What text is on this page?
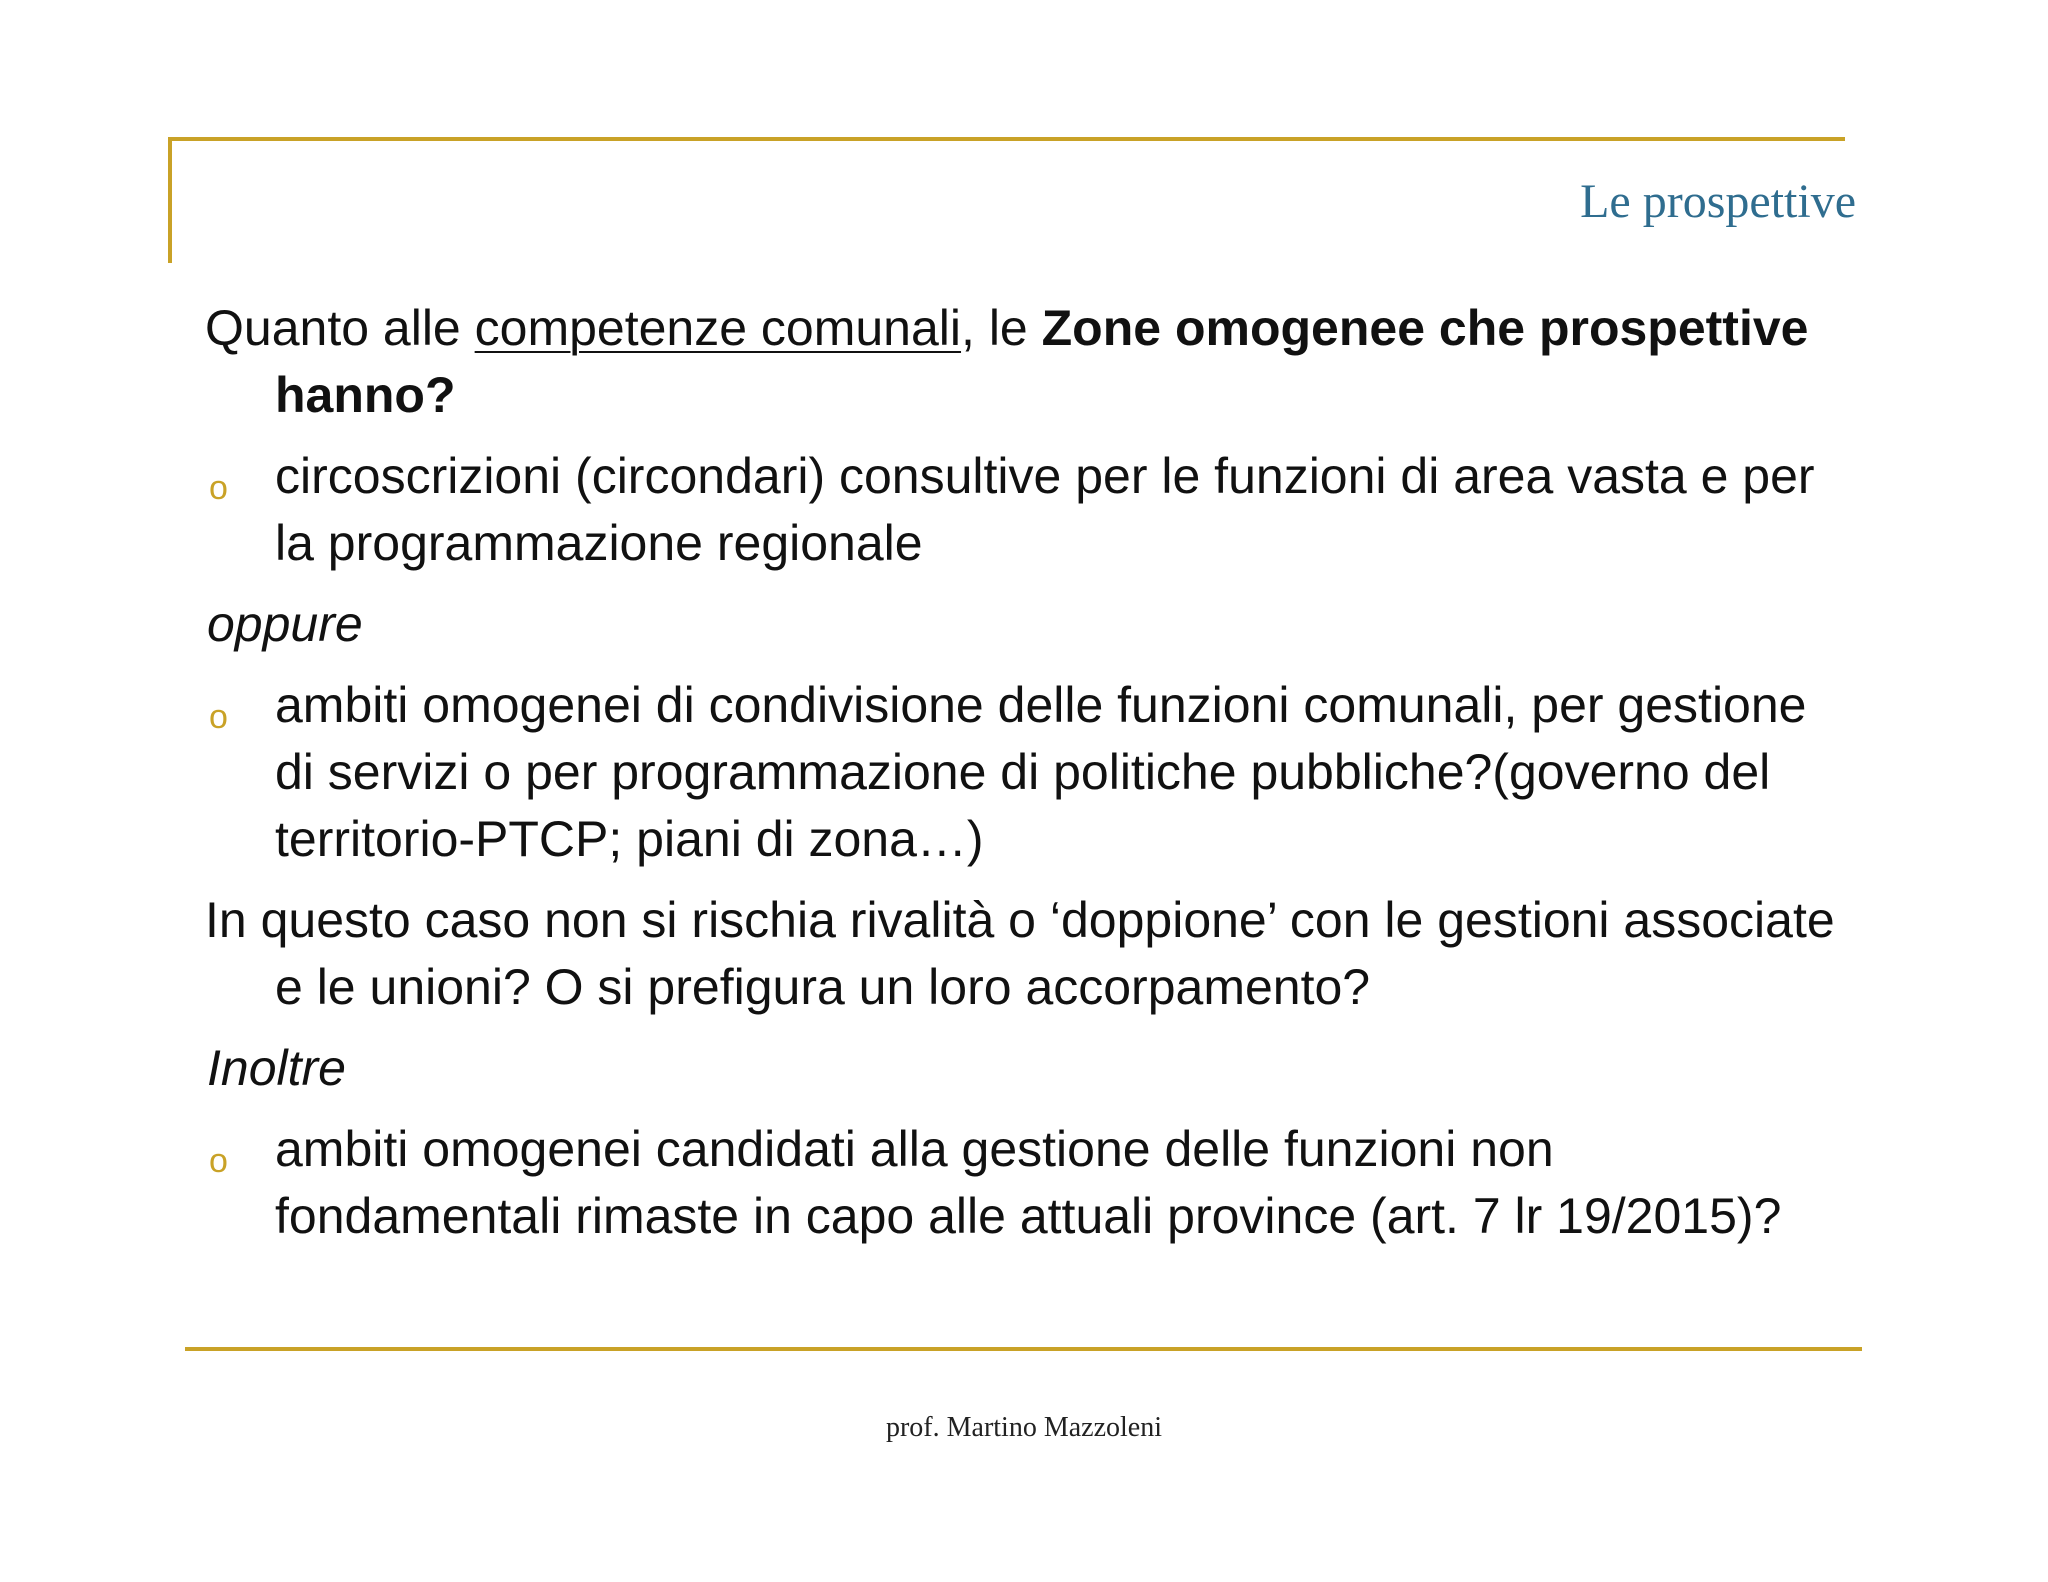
Le prospettive

Quanto alle competenze comunali, le Zone omogenee che prospettive hanno?

o circoscrizioni (circondari) consultive per le funzioni di area vasta e per la programmazione regionale
oppure
o ambiti omogenei di condivisione delle funzioni comunali, per gestione di servizi o per programmazione di politiche pubbliche?(governo del territorio-PTCP; piani di zona…)

In questo caso non si rischia rivalità o ‘doppione’ con le gestioni associate e le unioni? O si prefigura un loro accorpamento?

Inoltre
o ambiti omogenei candidati alla gestione delle funzioni non fondamentali rimaste in capo alle attuali province (art. 7 lr 19/2015)?
prof. Martino Mazzoleni
